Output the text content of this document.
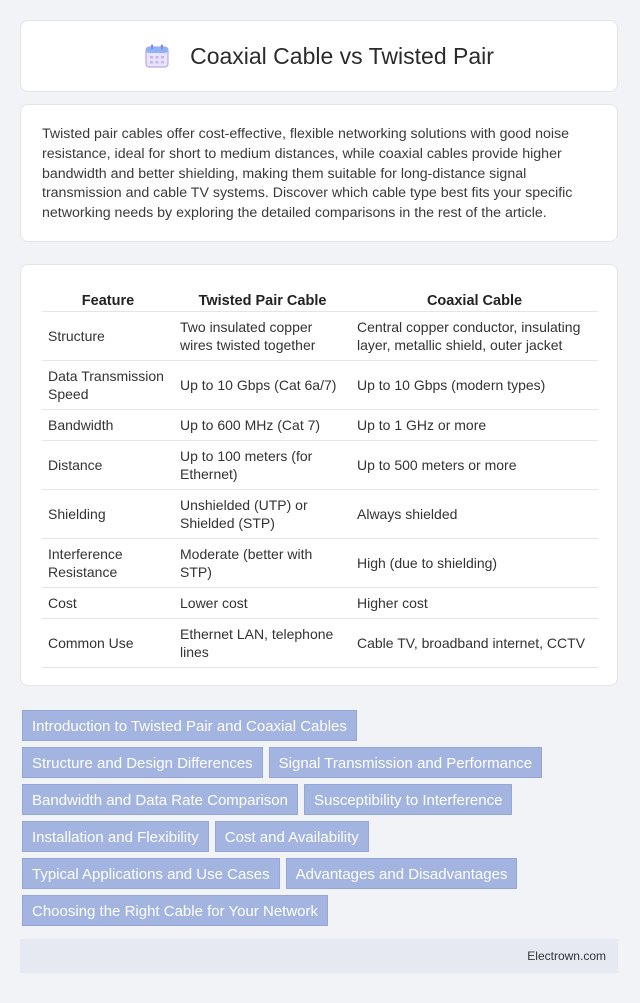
Coaxial Cable vs Twisted Pair

Twisted pair cables offer cost-effective, flexible networking solutions with good noise resistance, ideal for short to medium distances, while coaxial cables provide higher bandwidth and better shielding, making them suitable for long-distance signal transmission and cable TV systems. Discover which cable type best fits your specific networking needs by exploring the detailed comparisons in the rest of the article.

Feature	Twisted Pair Cable	Coaxial Cable
Structure	Two insulated copper wires twisted together	Central copper conductor, insulating layer, metallic shield, outer jacket
Data Transmission Speed	Up to 10 Gbps (Cat 6a/7)	Up to 10 Gbps (modern types)
Bandwidth	Up to 600 MHz (Cat 7)	Up to 1 GHz or more
Distance	Up to 100 meters (for Ethernet)	Up to 500 meters or more
Shielding	Unshielded (UTP) or Shielded (STP)	Always shielded
Interference Resistance	Moderate (better with STP)	High (due to shielding)
Cost	Lower cost	Higher cost
Common Use	Ethernet LAN, telephone lines	Cable TV, broadband internet, CCTV
Introduction to Twisted Pair and Coaxial Cables
Structure and Design Differences	Signal Transmission and Performance
Bandwidth and Data Rate Comparison	Susceptibility to Interference
Installation and Flexibility	Cost and Availability
Typical Applications and Use Cases	Advantages and Disadvantages
Choosing the Right Cable for Your Network
Electrown.com
